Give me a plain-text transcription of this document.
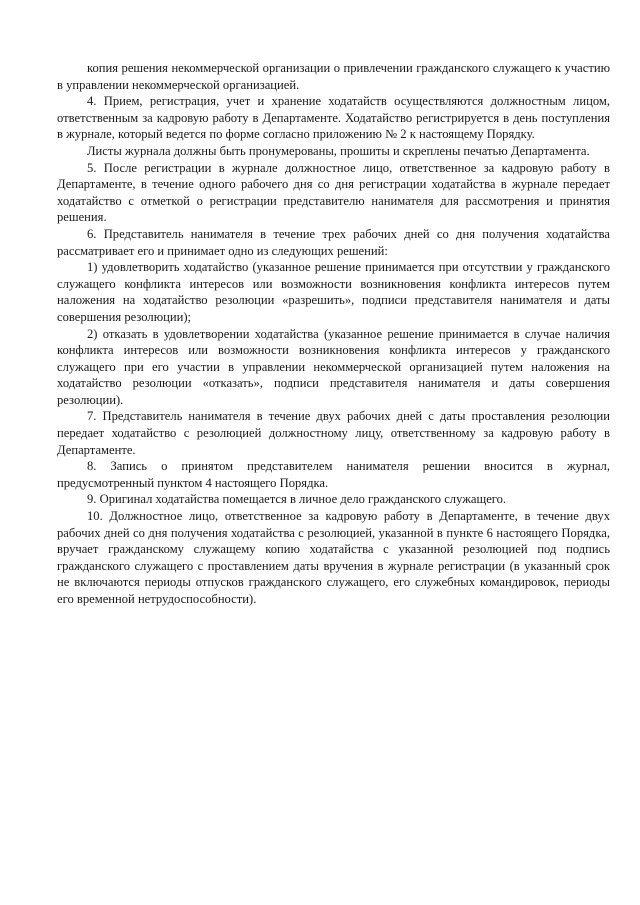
копия решения некоммерческой организации о привлечении гражданского служащего к участию в управлении некоммерческой организацией.

4. Прием, регистрация, учет и хранение ходатайств осуществляются должностным лицом, ответственным за кадровую работу в Департаменте. Ходатайство регистрируется в день поступления в журнале, который ведется по форме согласно приложению № 2 к настоящему Порядку.

Листы журнала должны быть пронумерованы, прошиты и скреплены печатью Департамента.

5. После регистрации в журнале должностное лицо, ответственное за кадровую работу в Департаменте, в течение одного рабочего дня со дня регистрации ходатайства в журнале передает ходатайство с отметкой о регистрации представителю нанимателя для рассмотрения и принятия решения.

6. Представитель нанимателя в течение трех рабочих дней со дня получения ходатайства рассматривает его и принимает одно из следующих решений:

1) удовлетворить ходатайство (указанное решение принимается при отсутствии у гражданского служащего конфликта интересов или возможности возникновения конфликта интересов путем наложения на ходатайство резолюции «разрешить», подписи представителя нанимателя и даты совершения резолюции);

2) отказать в удовлетворении ходатайства (указанное решение принимается в случае наличия конфликта интересов или возможности возникновения конфликта интересов у гражданского служащего при его участии в управлении некоммерческой организацией путем наложения на ходатайство резолюции «отказать», подписи представителя нанимателя и даты совершения резолюции).

7. Представитель нанимателя в течение двух рабочих дней с даты проставления резолюции передает ходатайство с резолюцией должностному лицу, ответственному за кадровую работу в Департаменте.

8. Запись о принятом представителем нанимателя решении вносится в журнал, предусмотренный пунктом 4 настоящего Порядка.

9. Оригинал ходатайства помещается в личное дело гражданского служащего.

10. Должностное лицо, ответственное за кадровую работу в Департаменте, в течение двух рабочих дней со дня получения ходатайства с резолюцией, указанной в пункте 6 настоящего Порядка, вручает гражданскому служащему копию ходатайства с указанной резолюцией под подпись гражданского служащего с проставлением даты вручения в журнале регистрации (в указанный срок не включаются периоды отпусков гражданского служащего, его служебных командировок, периоды его временной нетрудоспособности).
